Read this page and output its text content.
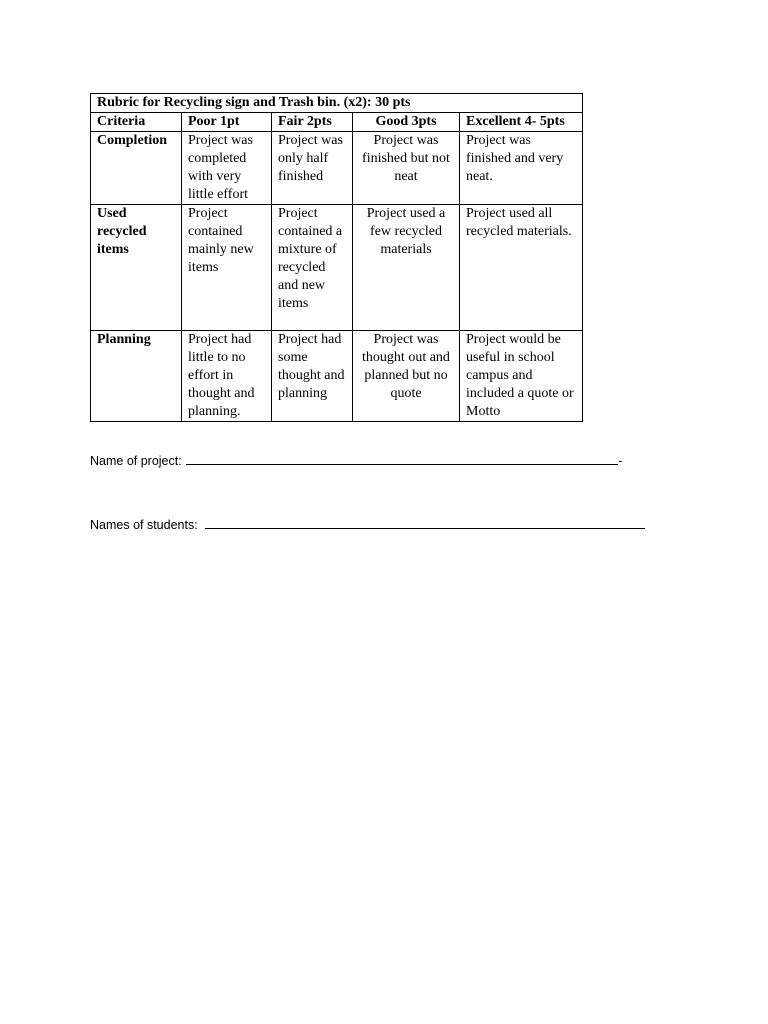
Rubric for Recycling sign and Trash bin. (x2): 30 pts				
Criteria	Poor 1pt	Fair 2pts	Good 3pts	Excellent 4- 5pts
Completion	Project was completed with very little effort	Project was only half finished	Project was finished but not neat	Project was finished and very neat.
Used recycled items	Project contained mainly new items	Project contained a mixture of recycled and new items	Project used a few recycled materials	Project used all recycled materials.
Planning	Project had little to no effort in thought and planning.	Project had some thought and planning	Project was thought out and planned but no quote	Project would be useful in school campus and included a quote or Motto
Name of project:	-
Names of students:
